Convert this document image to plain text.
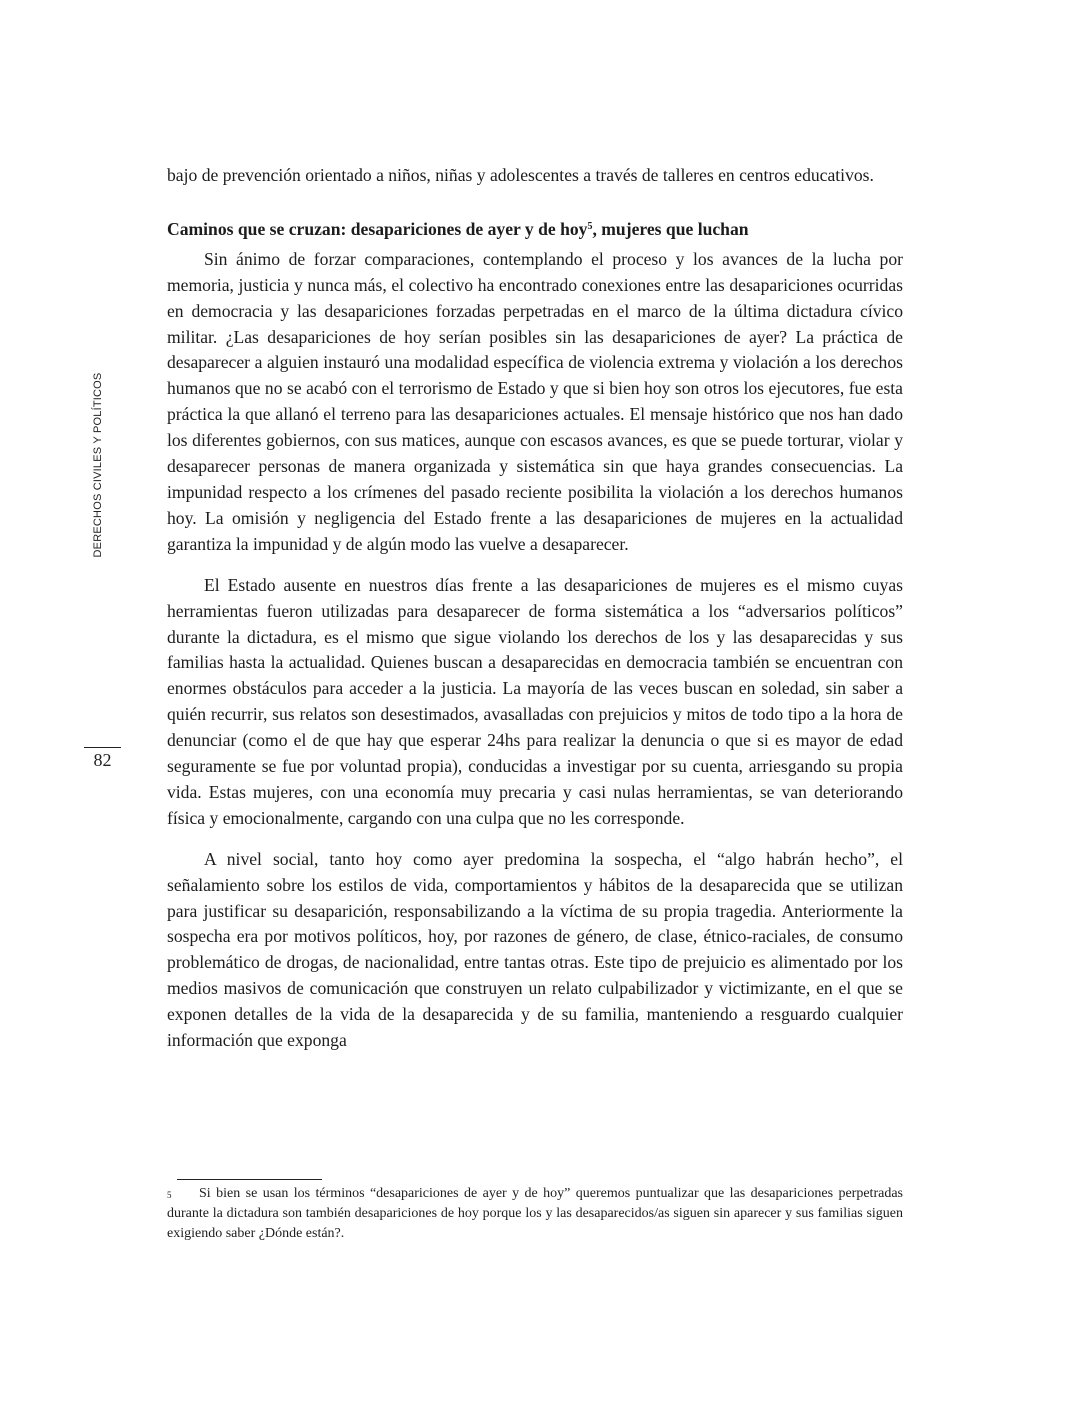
DERECHOS CIVILES Y POLÍTICOS
82

bajo de prevención orientado a niños, niñas y adolescentes a través de talleres en centros educativos.

Caminos que se cruzan: desapariciones de ayer y de hoy$^5$, mujeres que luchan

Sin ánimo de forzar comparaciones, contemplando el proceso y los avances de la lucha por memoria, justicia y nunca más, el colectivo ha encontrado conexiones entre las desapariciones ocurridas en democracia y las desapariciones forzadas perpetradas en el marco de la última dictadura cívico militar. ¿Las desapariciones de hoy serían posibles sin las desapariciones de ayer? La práctica de desaparecer a alguien instauró una modalidad específica de violencia extrema y violación a los derechos humanos que no se acabó con el terrorismo de Estado y que si bien hoy son otros los ejecutores, fue esta práctica la que allanó el terreno para las desapariciones actuales. El mensaje histórico que nos han dado los diferentes gobiernos, con sus matices, aunque con escasos avances, es que se puede torturar, violar y desaparecer personas de manera organizada y sistemática sin que haya grandes consecuencias. La impunidad respecto a los crímenes del pasado reciente posibilita la violación a los derechos humanos hoy. La omisión y negligencia del Estado frente a las desapariciones de mujeres en la actualidad garantiza la impunidad y de algún modo las vuelve a desaparecer.

El Estado ausente en nuestros días frente a las desapariciones de mujeres es el mismo cuyas herramientas fueron utilizadas para desaparecer de forma sistemática a los “adversarios políticos” durante la dictadura, es el mismo que sigue violando los derechos de los y las desaparecidas y sus familias hasta la actualidad. Quienes buscan a desaparecidas en democracia también se encuentran con enormes obstáculos para acceder a la justicia. La mayoría de las veces buscan en soledad, sin saber a quién recurrir, sus relatos son desestimados, avasalladas con prejuicios y mitos de todo tipo a la hora de denunciar (como el de que hay que esperar 24hs para realizar la denuncia o que si es mayor de edad seguramente se fue por voluntad propia), conducidas a investigar por su cuenta, arriesgando su propia vida. Estas mujeres, con una economía muy precaria y casi nulas herramientas, se van deteriorando física y emocionalmente, cargando con una culpa que no les corresponde.

A nivel social, tanto hoy como ayer predomina la sospecha, el “algo habrán hecho”, el señalamiento sobre los estilos de vida, comportamientos y hábitos de la desaparecida que se utilizan para justificar su desaparición, responsabilizando a la víctima de su propia tragedia. Anteriormente la sospecha era por motivos políticos, hoy, por razones de género, de clase, étnico-raciales, de consumo problemático de drogas, de nacionalidad, entre tantas otras. Este tipo de prejuicio es alimentado por los medios masivos de comunicación que construyen un relato culpabilizador y victimizante, en el que se exponen detalles de la vida de la desaparecida y de su familia, manteniendo a resguardo cualquier información que exponga

5 Si bien se usan los términos “desapariciones de ayer y de hoy” queremos puntualizar que las desapariciones perpetradas durante la dictadura son también desapariciones de hoy porque los y las desaparecidos/as siguen sin aparecer y sus familias siguen exigiendo saber ¿Dónde están?.
